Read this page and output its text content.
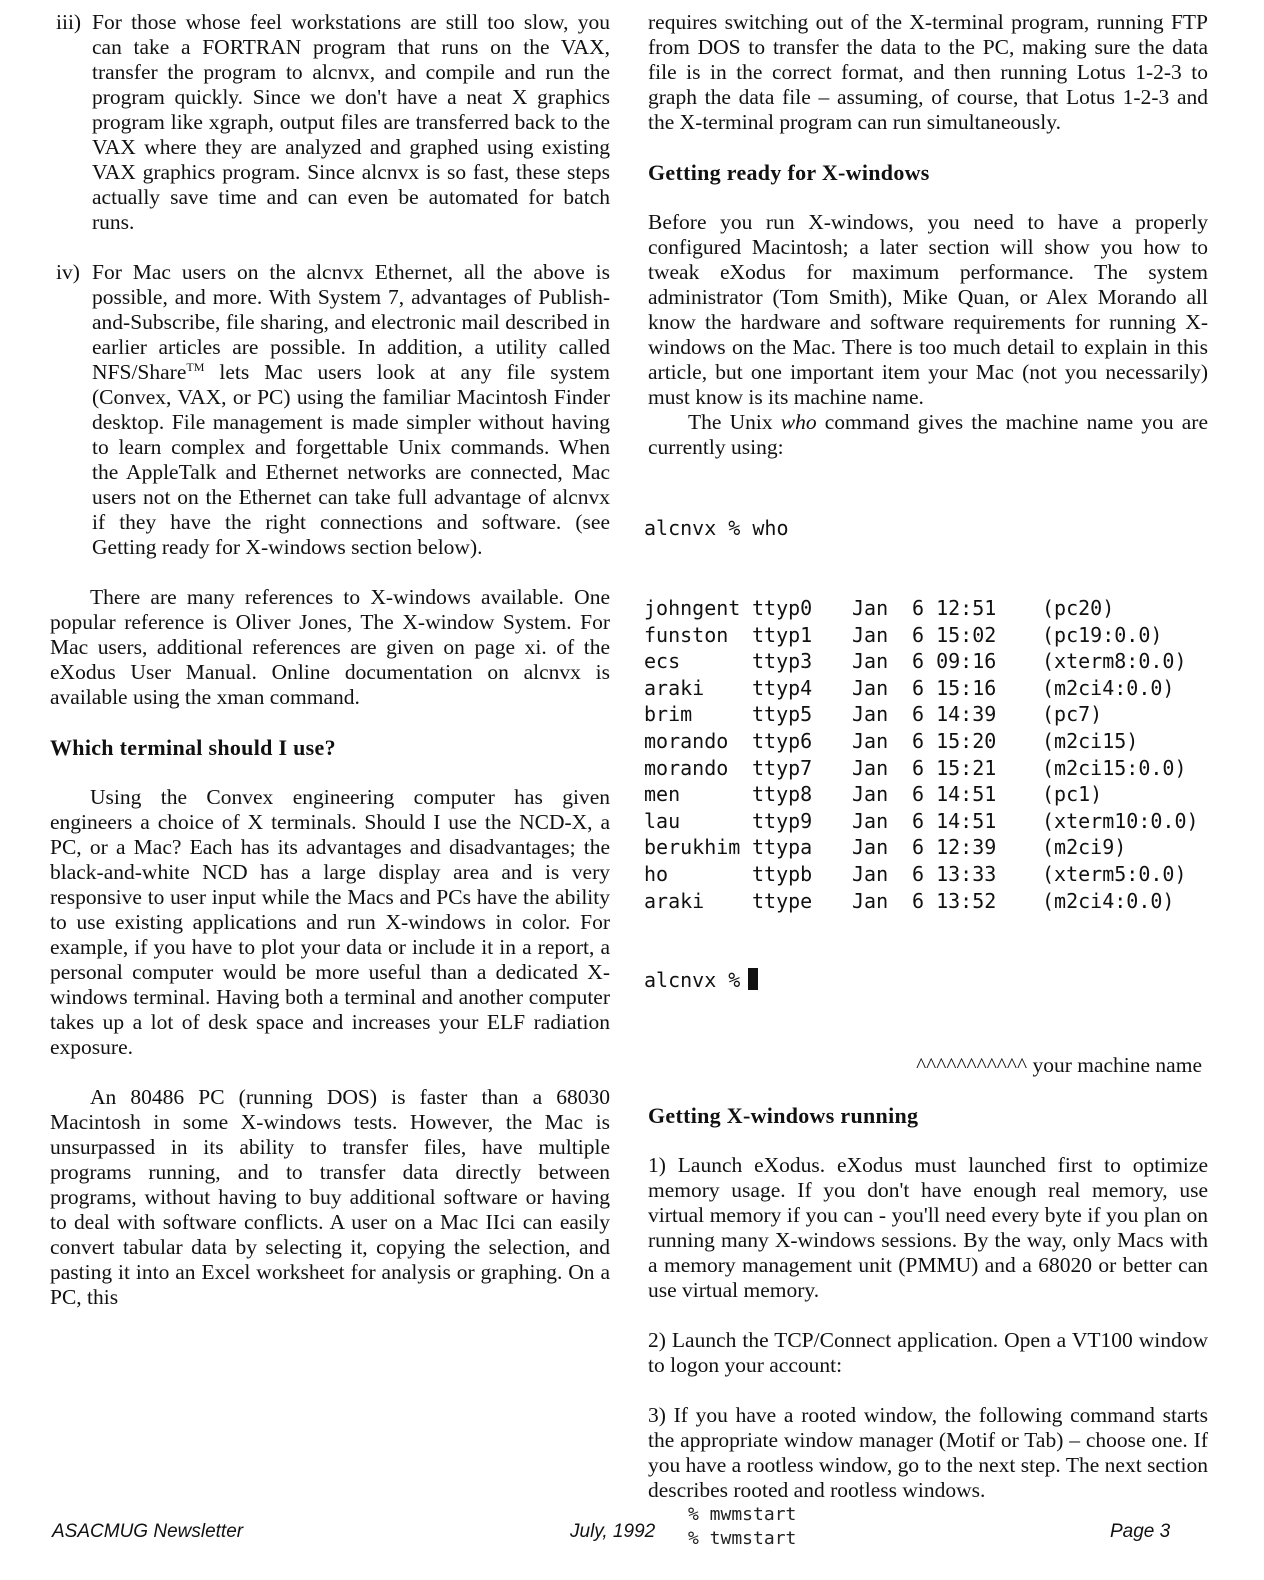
iii) For those whose feel workstations are still too slow, you can take a FORTRAN program that runs on the VAX, transfer the program to alcnvx, and compile and run the program quickly. Since we don't have a neat X graphics program like xgraph, output files are transferred back to the VAX where they are analyzed and graphed using existing VAX graphics program. Since alcnvx is so fast, these steps actually save time and can even be automated for batch runs.

iv) For Mac users on the alcnvx Ethernet, all the above is possible, and more. With System 7, advantages of Publish-and-Subscribe, file sharing, and electronic mail described in earlier articles are possible. In addition, a utility called NFS/Share™ lets Mac users look at any file system (Convex, VAX, or PC) using the familiar Macintosh Finder desktop. File management is made simpler without having to learn complex and forgettable Unix commands. When the AppleTalk and Ethernet networks are connected, Mac users not on the Ethernet can take full advantage of alcnvx if they have the right connections and software. (see Getting ready for X-windows section below).

There are many references to X-windows available. One popular reference is Oliver Jones, The X-window System. For Mac users, additional references are given on page xi. of the eXodus User Manual. Online documentation on alcnvx is available using the xman command.

Which terminal should I use?

Using the Convex engineering computer has given engineers a choice of X terminals. Should I use the NCD-X, a PC, or a Mac? Each has its advantages and disadvantages; the black-and-white NCD has a large display area and is very responsive to user input while the Macs and PCs have the ability to use existing applications and run X-windows in color. For example, if you have to plot your data or include it in a report, a personal computer would be more useful than a dedicated X-windows terminal. Having both a terminal and another computer takes up a lot of desk space and increases your ELF radiation exposure.

An 80486 PC (running DOS) is faster than a 68030 Macintosh in some X-windows tests. However, the Mac is unsurpassed in its ability to transfer files, have multiple programs running, and to transfer data directly between programs, without having to buy additional software or having to deal with software conflicts. A user on a Mac IIci can easily convert tabular data by selecting it, copying the selection, and pasting it into an Excel worksheet for analysis or graphing. On a PC, this

requires switching out of the X-terminal program, running FTP from DOS to transfer the data to the PC, making sure the data file is in the correct format, and then running Lotus 1-2-3 to graph the data file – assuming, of course, that Lotus 1-2-3 and the X-terminal program can run simultaneously.

Getting ready for X-windows

Before you run X-windows, you need to have a properly configured Macintosh; a later section will show you how to tweak eXodus for maximum performance. The system administrator (Tom Smith), Mike Quan, or Alex Morando all know the hardware and software requirements for running X-windows on the Mac. There is too much detail to explain in this article, but one important item your Mac (not you necessarily) must know is its machine name.

The Unix who command gives the machine name you are currently using:

alcnvx % who

johngent ttyp0	Jan	6 12:51	(pc20)
funston	ttyp1	Jan	6 15:02	(pc19:0.0)
ecs	ttyp3	Jan	6 09:16	(xterm8:0.0)
araki	ttyp4	Jan	6 15:16	(m2ci4:0.0)
brim	ttyp5	Jan	6 14:39	(pc7)
morando	ttyp6	Jan	6 15:20	(m2ci15)
morando	ttyp7	Jan	6 15:21	(m2ci15:0.0)
men	ttyp8	Jan	6 14:51	(pc1)
lau	ttyp9	Jan	6 14:51	(xterm10:0.0)
berukhim ttypa	Jan	6 12:39	(m2ci9)
ho	ttypb	Jan	6 13:33	(xterm5:0.0)
araki	ttype	Jan	6 13:52	(m2ci4:0.0)

alcnvx %

^^^^^^^^^^^ your machine name

Getting X-windows running

1) Launch eXodus. eXodus must launched first to optimize memory usage. If you don't have enough real memory, use virtual memory if you can - you'll need every byte if you plan on running many X-windows sessions. By the way, only Macs with a memory management unit (PMMU) and a 68020 or better can use virtual memory.

2) Launch the TCP/Connect application. Open a VT100 window to logon your account:

3) If you have a rooted window, the following command starts the appropriate window manager (Motif or Tab) – choose one. If you have a rootless window, go to the next step. The next section describes rooted and rootless windows.

% mwmstart
% twmstart
ASACMUG Newsletter	July, 1992	Page 3
